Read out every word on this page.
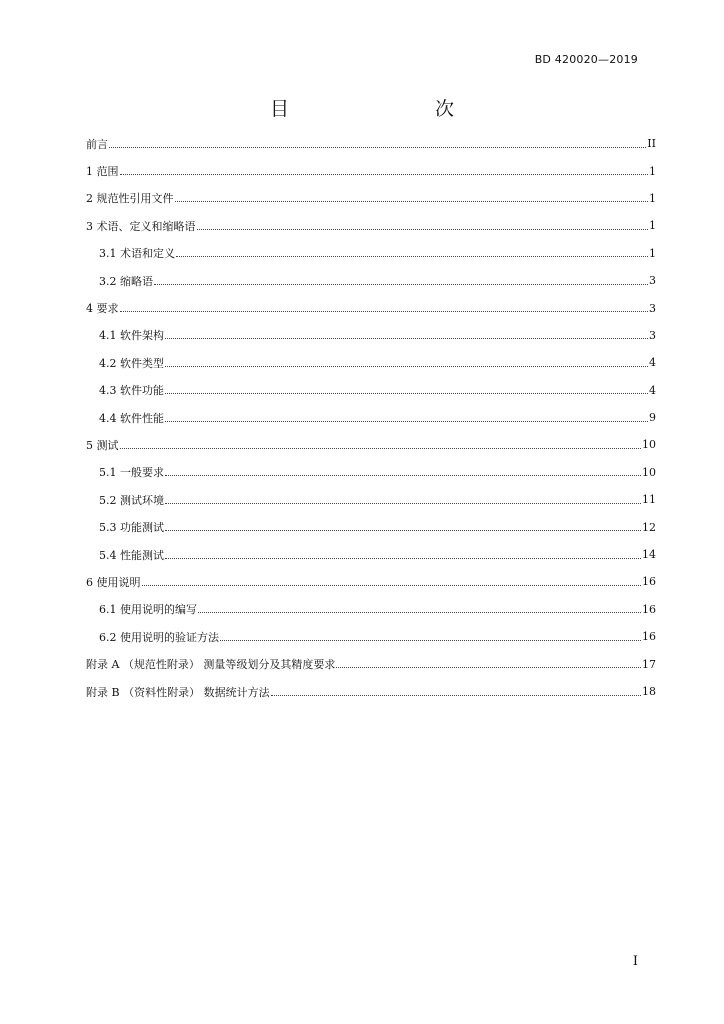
BD 420020—2019
目　　次
前言	II
1 范围	1
2 规范性引用文件	1
3 术语、定义和缩略语	1
3.1 术语和定义	1
3.2 缩略语	3
4 要求	3
4.1 软件架构	3
4.2 软件类型	4
4.3 软件功能	4
4.4 软件性能	9
5 测试	10
5.1 一般要求	10
5.2 测试环境	11
5.3 功能测试	12
5.4 性能测试	14
6 使用说明	16
6.1 使用说明的编写	16
6.2 使用说明的验证方法	16
附录 A （规范性附录） 测量等级划分及其精度要求	17
附录 B （资料性附录） 数据统计方法	18
I
